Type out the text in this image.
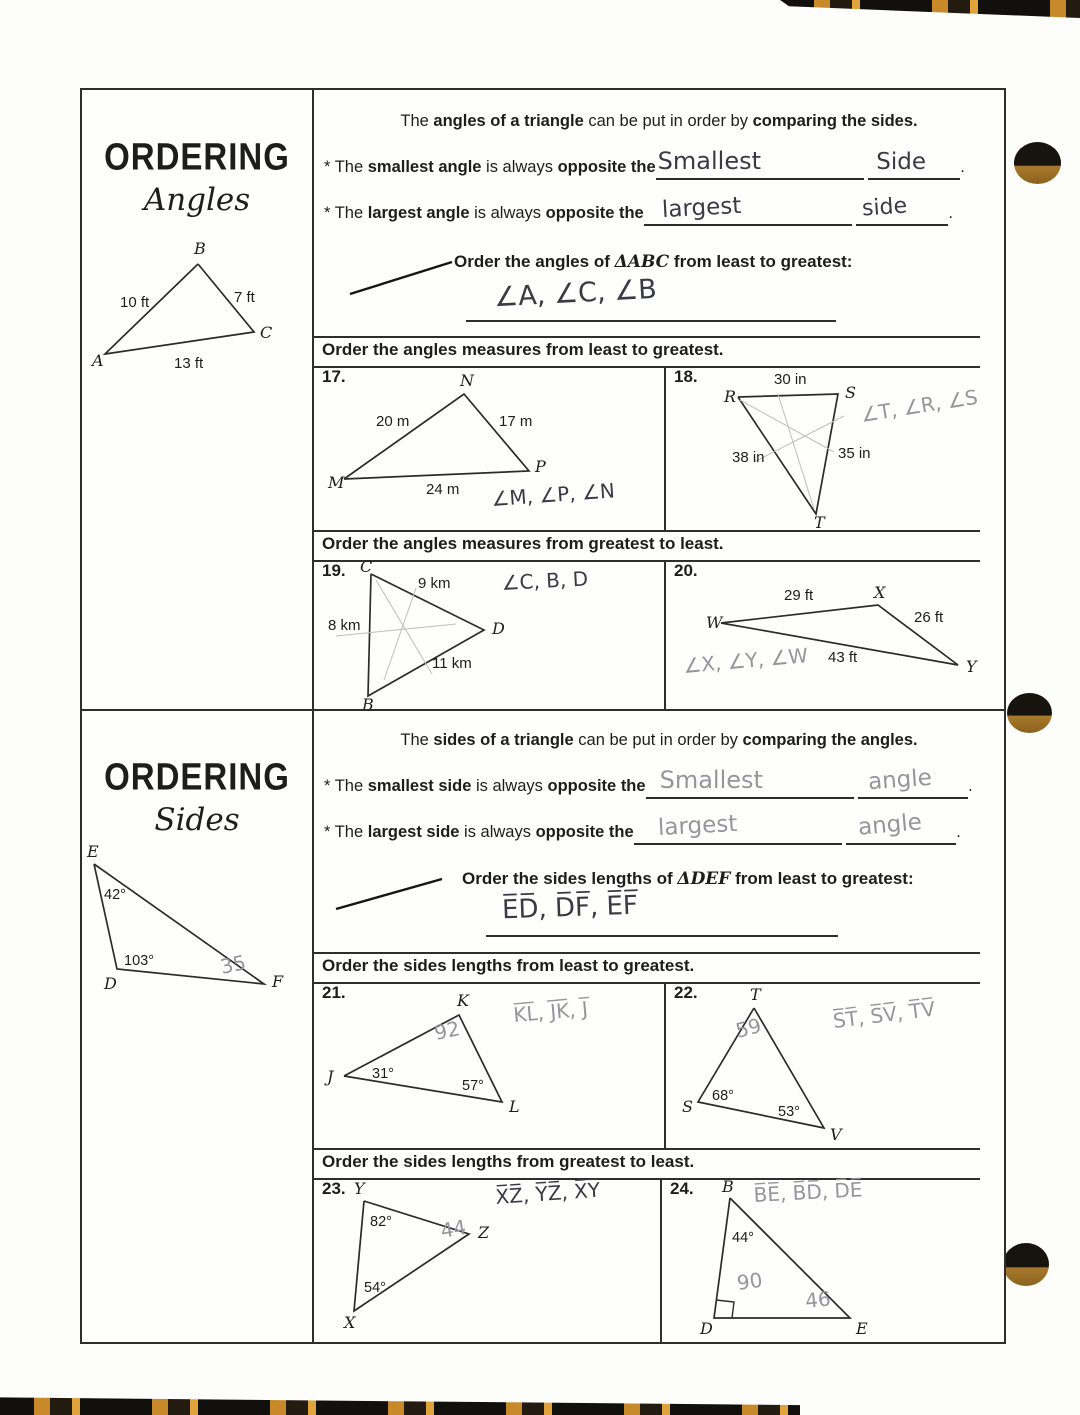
ORDERING
Angles
B
A
C
10 ft	7 ft
13 ft
ORDERING
Sides
E
D	F
42°
103°	35
The angles of a triangle can be put in order by comparing the sides.
* The smallest angle is always opposite theSmallest	Side .
* The largest angle is always opposite the largest	side .
Order the angles of ΔABC from least to greatest:
∠A, ∠C, ∠B
Order the angles measures from least to greatest.
17.
M
N
P
20 m	17 m
24 m ∠M, ∠P, ∠N
18.
R	S
T
30 in
38 in	35 in
∠T, ∠R, ∠S
Order the angles measures from greatest to least.
19. C
D
B
9 km
8 km
11 km
∠C, B, D	20.
W
X
Y
29 ft
26 ft
43 ft
∠X, ∠Y, ∠W
The sides of a triangle can be put in order by comparing the angles.
* The smallest side is always opposite the Smallest	angle .
* The largest side is always opposite the largest	angle .
Order the sides lengths of ΔDEF from least to greatest:
E̅D̅, D̅F̅, E̅F̅
Order the sides lengths from least to greatest.
21.
J
K
L
31°
57°
92
K̅L̅, J̅K̅, J̅
22.	T
S
V
68°
53°
59	S̅T̅, S̅V̅, T̅V̅
Order the sides lengths from greatest to least.
23. Y
Z
X
82°
54°
44
X̅Z̅, Y̅Z̅, X̅Y̅	24. B
D	E
44°
90
46
B̅E̅, B̅D̅, D̅E̅
